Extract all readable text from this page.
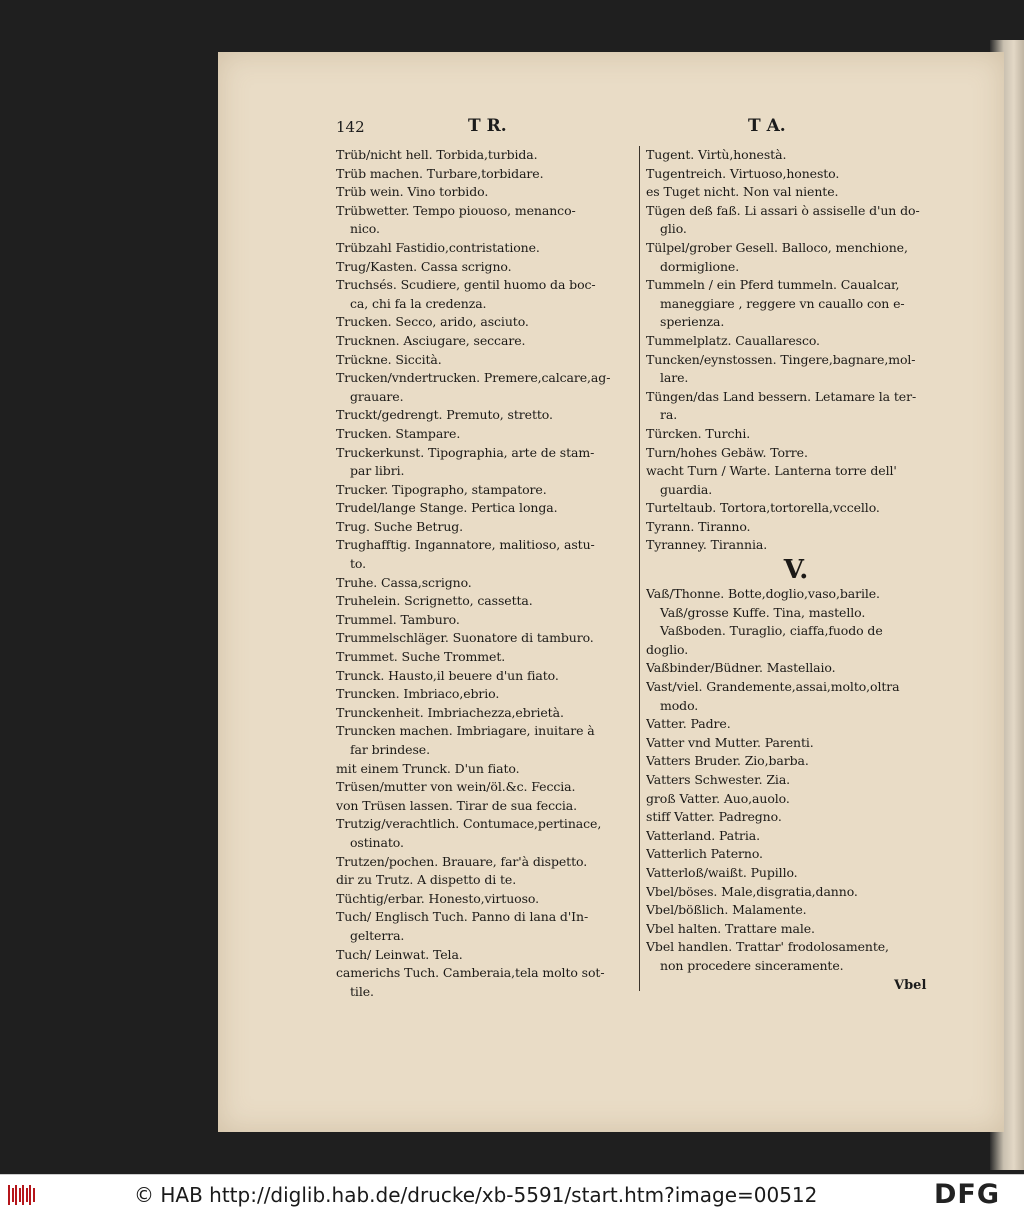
142	T R.	T A.
Trüb/nicht hell. Torbida,turbida.
Trüb machen. Turbare,torbidare.
Trüb wein. Vino torbido.
Trübwetter. Tempo piouoso, menanco-
nico.
Trübzahl Fastidio,contristatione.
Trug/Kasten. Cassa scrigno.
Truchsés. Scudiere, gentil huomo da boc-
ca, chi fa la credenza.
Trucken. Secco, arido, asciuto.
Trucknen. Asciugare, seccare.
Trückne. Siccità.
Trucken/vndertrucken. Premere,calcare,ag-
grauare.
Truckt/gedrengt. Premuto, stretto.
Trucken. Stampare.
Truckerkunst. Tipographia, arte de stam-
par libri.
Trucker. Tipographo, stampatore.
Trudel/lange Stange. Pertica longa.
Trug. Suche Betrug.
Trughafftig. Ingannatore, malitioso, astu-
to.
Truhe. Cassa,scrigno.
Truhelein. Scrignetto, cassetta.
Trummel. Tamburo.
Trummelschläger. Suonatore di tamburo.
Trummet. Suche Trommet.
Trunck. Hausto,il beuere d'un fiato.
Truncken. Imbriaco,ebrio.
Trunckenheit. Imbriachezza,ebrietà.
Truncken machen. Imbriagare, inuitare à
far brindese.
mit einem Trunck. D'un fiato.
Trüsen/mutter von wein/öl.&c. Feccia.
von Trüsen lassen. Tirar de sua feccia.
Trutzig/verachtlich. Contumace,pertinace,
ostinato.
Trutzen/pochen. Brauare, far'à dispetto.
dir zu Trutz. A dispetto di te.
Tüchtig/erbar. Honesto,virtuoso.
Tuch/ Englisch Tuch. Panno di lana d'In-
gelterra.
Tuch/ Leinwat. Tela.
camerichs Tuch. Camberaia,tela molto sot-
tile.
Tugent. Virtù,honestà.
Tugentreich. Virtuoso,honesto.
es Tuget nicht. Non val niente.
Tügen deß faß. Li assari ò assiselle d'un do-
glio.
Tülpel/grober Gesell. Balloco, menchione,
dormiglione.
Tummeln / ein Pferd tummeln. Caualcar,
maneggiare , reggere vn cauallo con e-
sperienza.
Tummelplatz. Cauallaresco.
Tuncken/eynstossen. Tingere,bagnare,mol-
lare.
Tüngen/das Land bessern. Letamare la ter-
ra.
Türcken. Turchi.
Turn/hohes Gebäw. Torre.
wacht Turn / Warte. Lanterna torre dell'
guardia.
Turteltaub. Tortora,tortorella,vccello.
Tyrann. Tiranno.
Tyranney. Tirannia.
V.
Vaß/Thonne. Botte,doglio,vaso,barile.
Vaß/grosse Kuffe. Tina, mastello.
Vaßboden. Turaglio, ciaffa,fuodo de
doglio.
Vaßbinder/Büdner. Mastellaio.
Vast/viel. Grandemente,assai,molto,oltra
modo.
Vatter. Padre.
Vatter vnd Mutter. Parenti.
Vatters Bruder. Zio,barba.
Vatters Schwester. Zia.
groß Vatter. Auo,auolo.
stiff Vatter. Padregno.
Vatterland. Patria.
Vatterlich Paterno.
Vatterloß/waißt. Pupillo.
Vbel/böses. Male,disgratia,danno.
Vbel/bößlich. Malamente.
Vbel halten. Trattare male.
Vbel handlen. Trattar' frodolosamente,
non procedere sinceramente.
Vbel
© HAB http://diglib.hab.de/drucke/xb-5591/start.htm?image=00512	DFG
